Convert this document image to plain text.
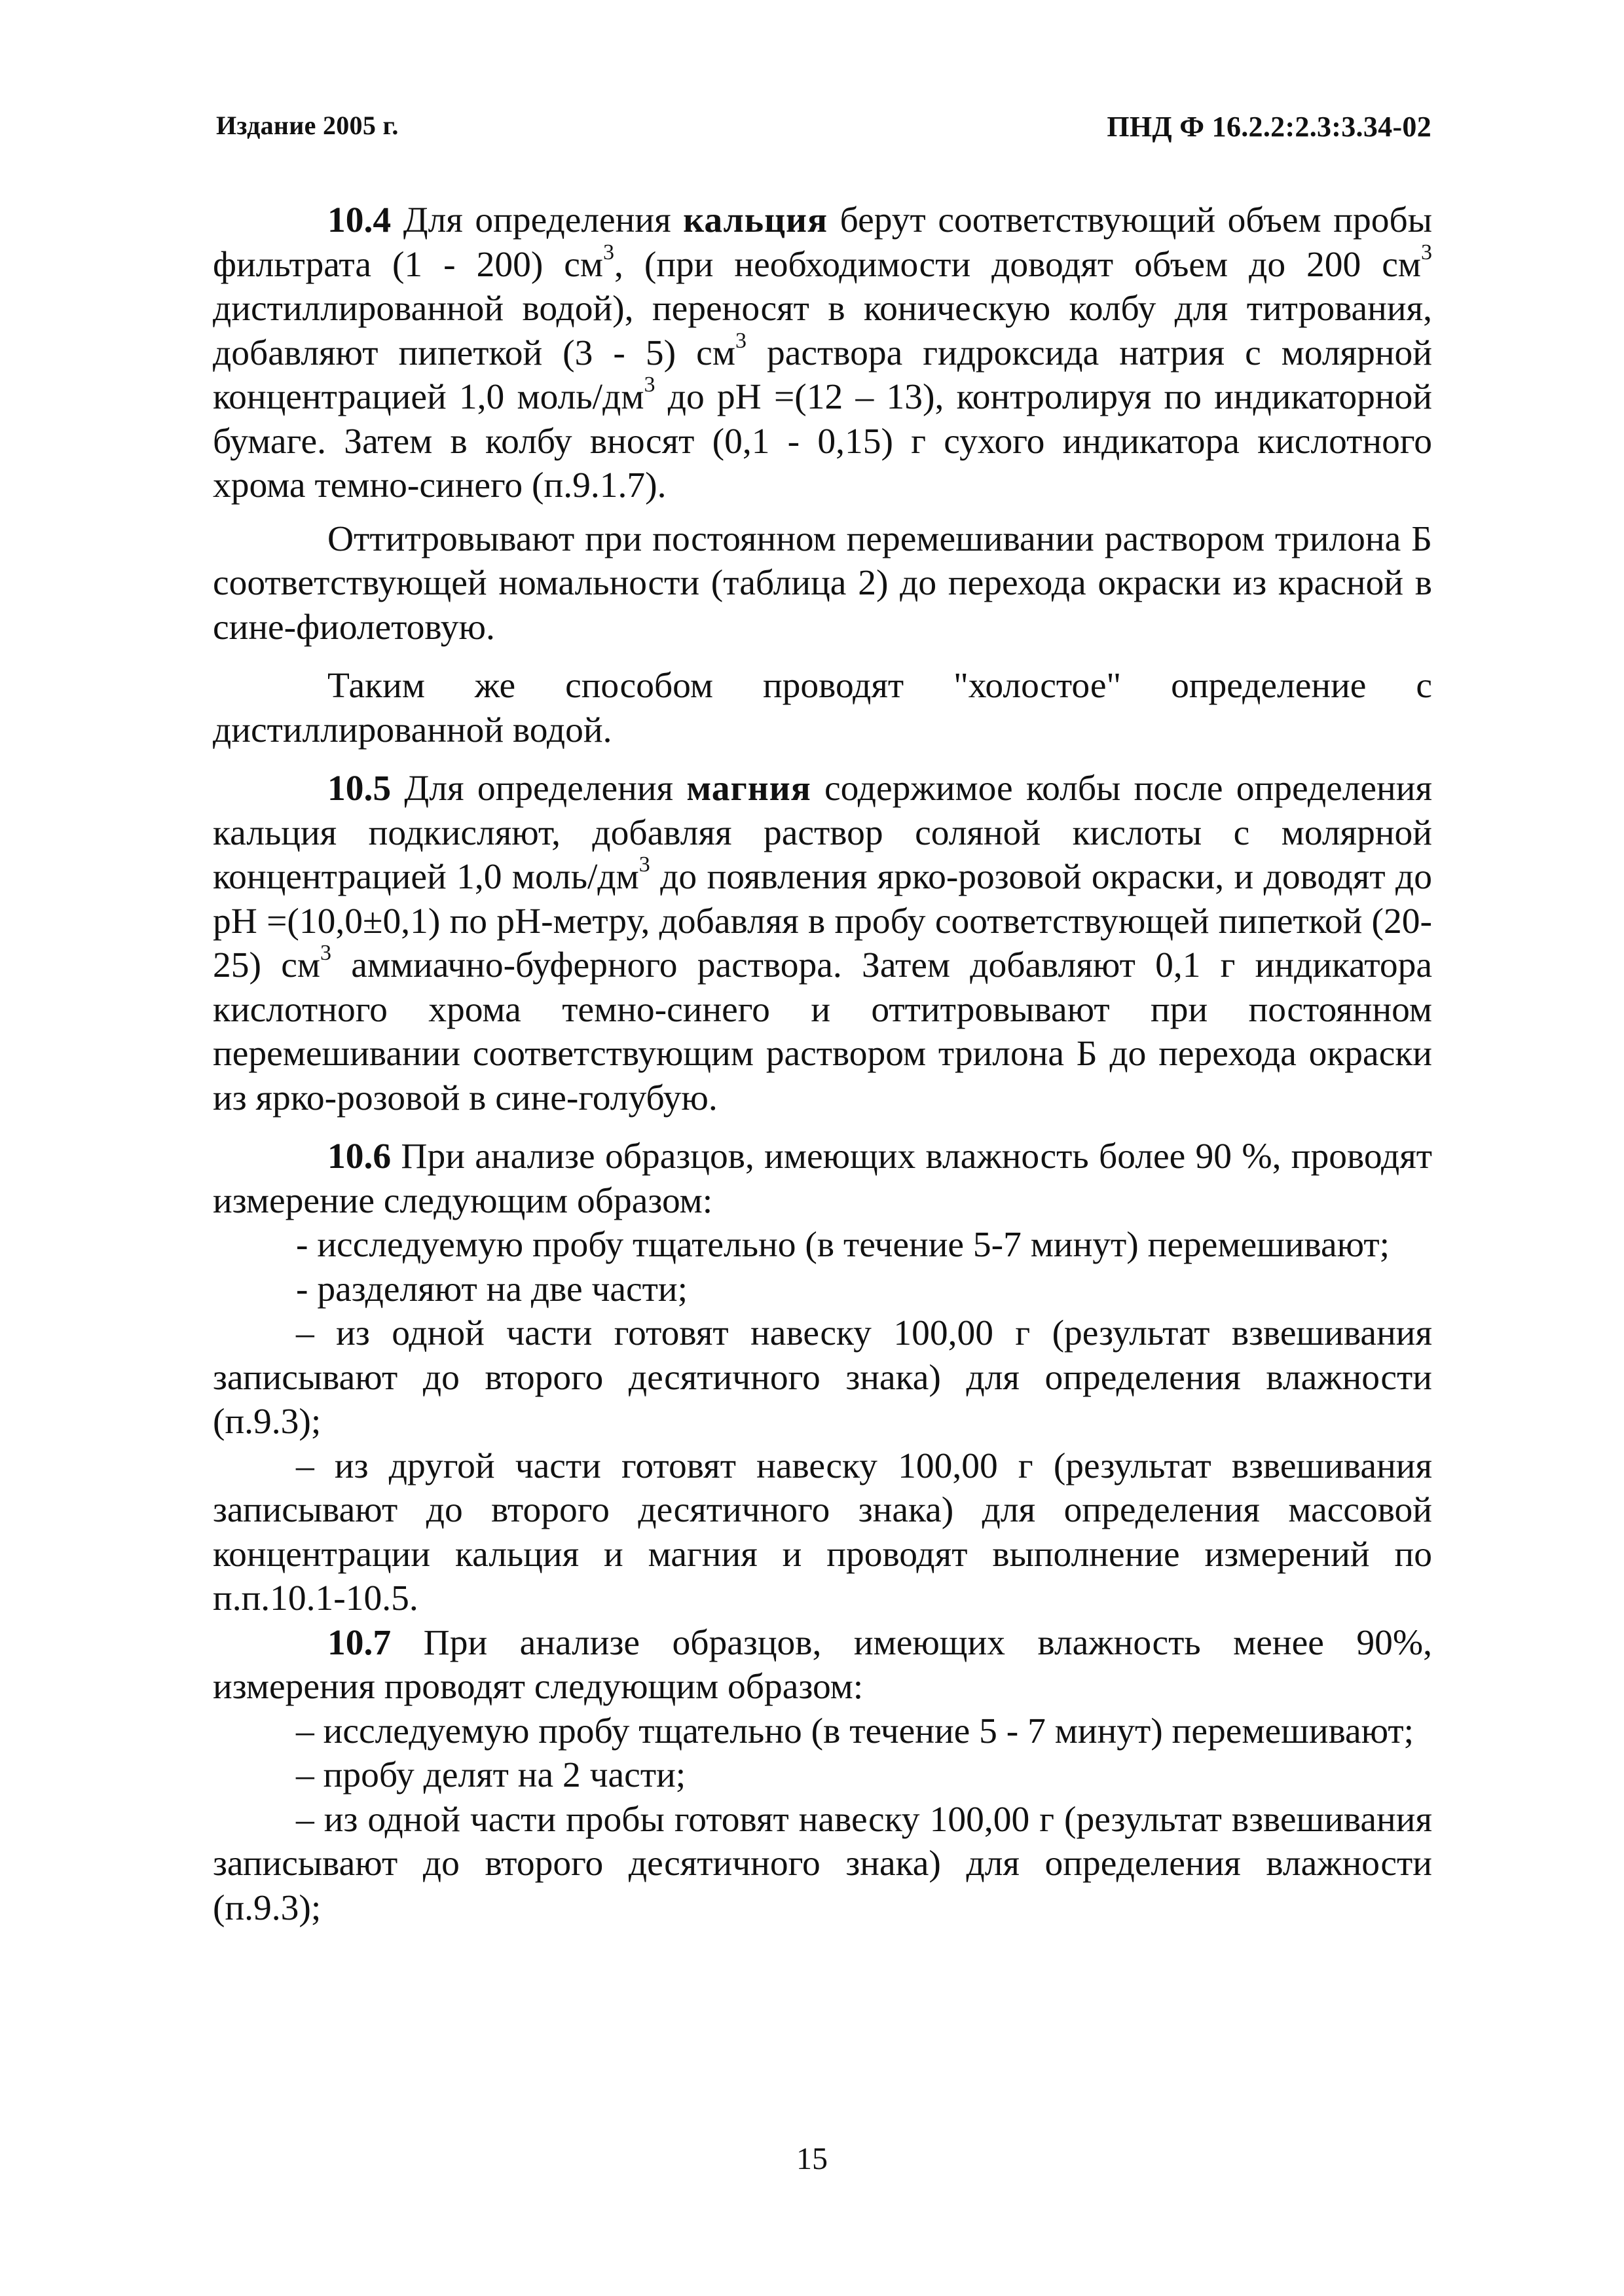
Издание 2005 г.	ПНД Ф 16.2.2:2.3:3.34-02

10.4 Для определения кальция берут соответствующий объем пробы фильтрата (1 - 200) $см^3$, (при необходимости доводят объем до 200 $см^3$ дистиллированной водой), переносят в коническую колбу для титрования, добавляют пипеткой (3 - 5) $см^3$ раствора гидроксида натрия с молярной концентрацией 1,0 моль/$дм^3$ до pH =(12 – 13), контролируя по индикаторной бумаге. Затем в колбу вносят (0,1 - 0,15) г сухого индикатора кислотного хрома темно-синего (п.9.1.7).

Оттитровывают при постоянном перемешивании раствором трилона Б соответствующей номальности (таблица 2) до перехода окраски из красной в сине-фиолетовую.

Таким же способом проводят "холостое" определение с дистиллированной водой.

10.5 Для определения магния содержимое колбы после определения кальция подкисляют, добавляя раствор соляной кислоты с молярной концентрацией 1,0 моль/$дм^3$ до появления ярко-розовой окраски, и доводят до pH =(10,0±0,1) по pH-метру, добавляя в пробу соответствующей пипеткой (20-25) $см^3$ аммиачно-буферного раствора. Затем добавляют 0,1 г индикатора кислотного хрома темно-синего и оттитровывают при постоянном перемешивании соответствующим раствором трилона Б до перехода окраски из ярко-розовой в сине-голубую.

10.6 При анализе образцов, имеющих влажность более 90 %, проводят измерение следующим образом:

- исследуемую пробу тщательно (в течение 5-7 минут) перемешивают;

- разделяют на две части;

– из одной части готовят навеску 100,00 г (результат взвешивания записывают до второго десятичного знака) для определения влажности (п.9.3);

– из другой части готовят навеску 100,00 г (результат взвешивания записывают до второго десятичного знака) для определения массовой концентрации кальция и магния и проводят выполнение измерений по п.п.10.1-10.5.

10.7 При анализе образцов, имеющих влажность менее 90%, измерения проводят следующим образом:

– исследуемую пробу тщательно (в течение 5 - 7 минут) перемешивают;

– пробу делят на 2 части;

– из одной части пробы готовят навеску 100,00 г (результат взвешивания записывают до второго десятичного знака) для определения влажности (п.9.3);

15
